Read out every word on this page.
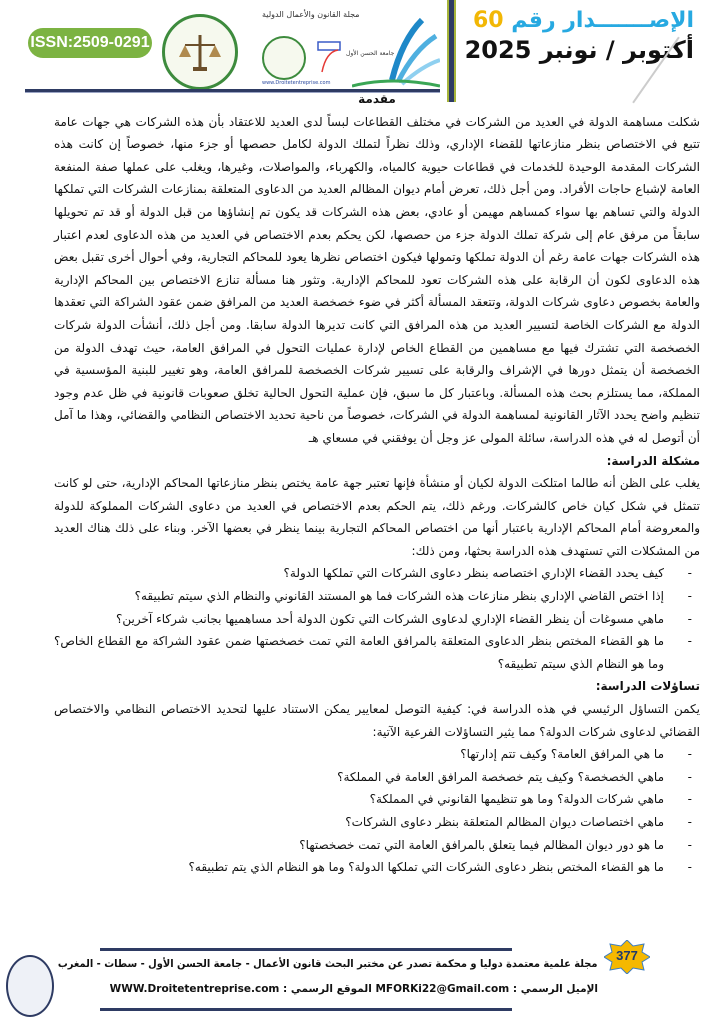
الإصـــــــدار رقم 60
أكتوبر / نونبر 2025
ISSN:2509-0291
جامعة الحسن الأول
مجلة القانون والأعمال الدولية
www.Droitetentreprise.com
مقدمة

شكلت مساهمة الدولة في العديد من الشركات في مختلف القطاعات لبساً لدى العديد للاعتقاد بأن هذه الشركات هي جهات عامة تتبع في الاختصاص بنظر منازعاتها للقضاء الإداري، وذلك نظراً لتملك الدولة لكامل حصصها أو جزء منها، خصوصاً إن كانت هذه الشركات المقدمة الوحيدة للخدمات في قطاعات حيوية كالمياه، والكهرباء، والمواصلات، وغيرها، ويغلب على عملها صفة المنفعة العامة لإشباع حاجات الأفراد. ومن أجل ذلك، تعرض أمام ديوان المظالم العديد من الدعاوى المتعلقة بمنازعات الشركات التي تملكها الدولة والتي تساهم بها سواء كمساهم مهيمن أو عادي، بعض هذه الشركات قد يكون تم إنشاؤها من قبل الدولة أو قد تم تحويلها سابقاً من مرفق عام إلى شركة تملك الدولة جزء من حصصها، لكن يحكم بعدم الاختصاص في العديد من هذه الدعاوى لعدم اعتبار هذه الشركات جهات عامة رغم أن الدولة تملكها وتمولها فيكون اختصاص نظرها يعود للمحاكم التجارية، وفي أحوال أخرى تقبل بعض هذه الدعاوى لكون أن الرقابة على هذه الشركات تعود للمحاكم الإدارية. وتثور هنا مسألة تنازع الاختصاص بين المحاكم الإدارية والعامة بخصوص دعاوى شركات الدولة، وتتعقد المسألة أكثر في ضوء خصخصة العديد من المرافق ضمن عقود الشراكة التي تعقدها الدولة مع الشركات الخاصة لتسيير العديد من هذه المرافق التي كانت تديرها الدولة سابقا. ومن أجل ذلك، أنشأت الدولة شركات الخصخصة التي تشترك فيها مع مساهمين من القطاع الخاص لإدارة عمليات التحول في المرافق العامة، حيث تهدف الدولة من الخصخصة أن يتمثل دورها في الإشراف والرقابة على تسيير شركات الخصخصة للمرافق العامة، وهو تغيير للبنية المؤسسية في المملكة، مما يستلزم بحث هذه المسألة. وباعتبار كل ما سبق، فإن عملية التحول الحالية تخلق صعوبات قانونية في ظل عدم وجود تنظيم واضح يحدد الآثار القانونية لمساهمة الدولة في الشركات، خصوصاً من ناحية تحديد الاختصاص النظامي والقضائي، وهذا ما آمل أن أتوصل له في هذه الدراسة، سائلة المولى عز وجل أن يوفقني في مسعاي هـ

مشكلة الدراسة:

يغلب على الظن أنه طالما امتلكت الدولة لكيان أو منشأة فإنها تعتبر جهة عامة يختص بنظر منازعاتها المحاكم الإدارية، حتى لو كانت تتمثل في شكل كيان خاص كالشركات. ورغم ذلك، يتم الحكم بعدم الاختصاص في العديد من دعاوى الشركات المملوكة للدولة والمعروضة أمام المحاكم الإدارية باعتبار أنها من اختصاص المحاكم التجارية بينما ينظر في بعضها الآخر. وبناء على ذلك هناك العديد من المشكلات التي تستهدف هذه الدراسة بحثها، ومن ذلك:

-
كيف يحدد القضاء الإداري اختصاصه بنظر دعاوى الشركات التي تملكها الدولة؟
-
إذا اختص القاضي الإداري بنظر منازعات هذه الشركات فما هو المستند القانوني والنظام الذي سيتم تطبيقه؟
-
ماهي مسوغات أن ينظر القضاء الإداري لدعاوى الشركات التي تكون الدولة أحد مساهميها بجانب شركاء آخرين؟
-
ما هو القضاء المختص بنظر الدعاوى المتعلقة بالمرافق العامة التي تمت خصخصتها ضمن عقود الشراكة مع القطاع الخاص؟ وما هو النظام الذي سيتم تطبيقه؟
تساؤلات الدراسة:

يكمن التساؤل الرئيسي في هذه الدراسة في: كيفية التوصل لمعايير يمكن الاستناد عليها لتحديد الاختصاص النظامي والاختصاص القضائي لدعاوى شركات الدولة؟ مما يثير التساؤلات الفرعية الآتية:

-
ما هي المرافق العامة؟ وكيف تتم إدارتها؟
-
ماهي الخصخصة؟ وكيف يتم خصخصة المرافق العامة في المملكة؟
-
ماهي شركات الدولة؟ وما هو تنظيمها القانوني في المملكة؟
-
ماهي اختصاصات ديوان المظالم المتعلقة بنظر دعاوى الشركات؟
-
ما هو دور ديوان المظالم فيما يتعلق بالمرافق العامة التي تمت خصخصتها؟
-
ما هو القضاء المختص بنظر دعاوى الشركات التي تملكها الدولة؟ وما هو النظام الذي يتم تطبيقه؟
مجلة علمية معتمدة دوليا و محكمة تصدر عن مختبر البحث قانون الأعمال - جامعة الحسن الأول - سطات - المغرب
الإميل الرسمي : MFORKi22@Gmail.com الموقع الرسمي : WWW.Droitetentreprise.com
377
